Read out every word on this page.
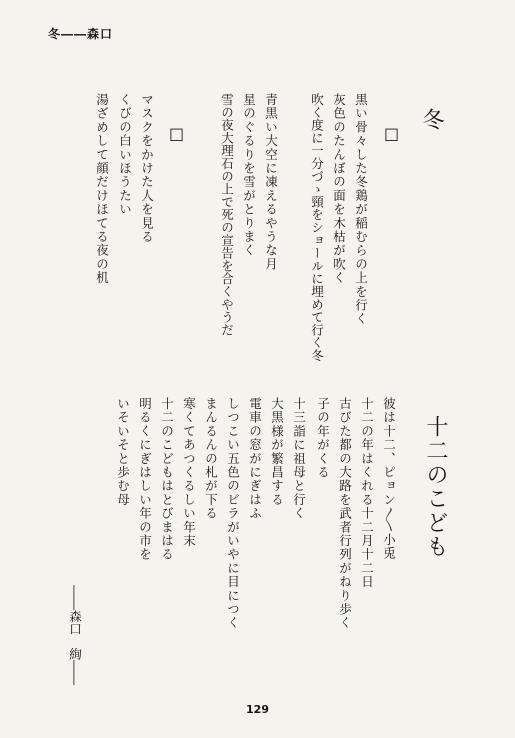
冬――森口
冬
□
黒い骨々した冬鶏が稲むらの上を行く
灰色のたんぼの面を木枯が吹く
吹く度に一分づゝ頸をショールに埋めて行く冬
青黒い大空に凍えるやうな月
星のぐるりを雪がとりまく
雪の夜大理石の上で死の宣告を合くやうだ
□
マスクをかけた人を見る
くびの白いほうたい
湯ざめして顔だけほてる夜の机
十二のこども
彼は十二、ピョン〳〵小兎
十二の年はくれる十二月十二日
古びた都の大路を武者行列がねり歩く
子の年がくる
十三詣に祖母と行く
大黒様が繁昌する
電車の窓がにぎはふ
しつこい五色のビラがいやに目につく
まんるんの札が下る
寒くてあつくるしい年末
十二のこどもはとびまはる
明るくにぎはしい年の市を
いそいそと歩む母
――森口　絢――
129
